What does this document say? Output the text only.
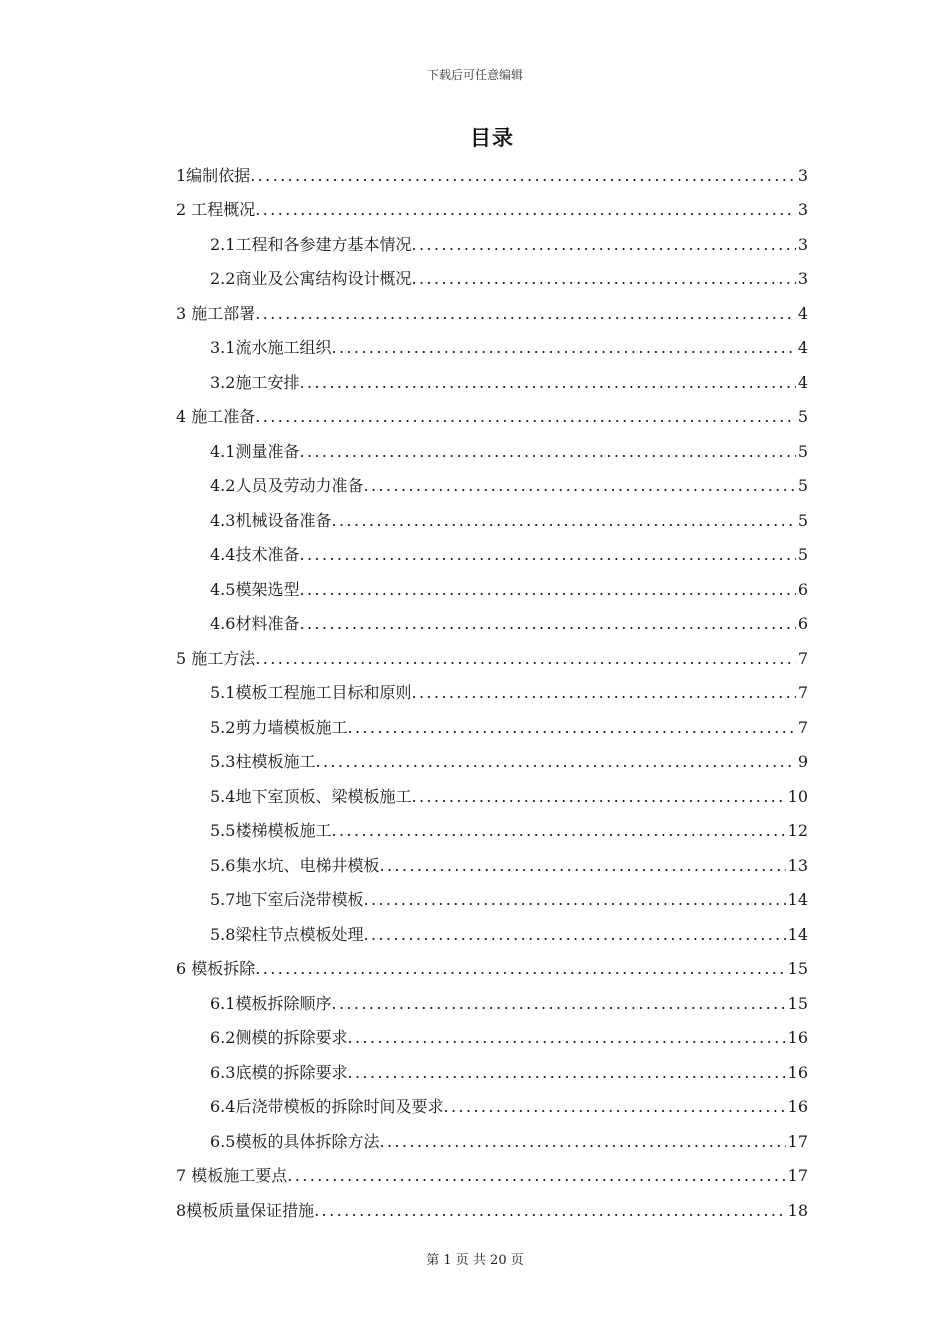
下载后可任意编辑
目录
1编制依据 .....	3
2 工程概况 .....	3
2.1工程和各参建方基本情况 .....	3
2.2商业及公寓结构设计概况 .....	3
3 施工部署 .....	4
3.1流水施工组织 .....	4
3.2施工安排 .....	4
4 施工准备 .....	5
4.1测量准备 .....	5
4.2人员及劳动力准备 .....	5
4.3机械设备准备 .....	5
4.4技术准备 .....	5
4.5模架选型 .....	6
4.6材料准备 .....	6
5 施工方法 .....	7
5.1模板工程施工目标和原则 .....	7
5.2剪力墙模板施工 .....	7
5.3柱模板施工 .....	9
5.4地下室顶板、梁模板施工 .....	10
5.5楼梯模板施工 .....	12
5.6集水坑、电梯井模板 .....	13
5.7地下室后浇带模板 .....	14
5.8梁柱节点模板处理 .....	14
6 模板拆除 .....	15
6.1模板拆除顺序 .....	15
6.2侧模的拆除要求 .....	16
6.3底模的拆除要求 .....	16
6.4后浇带模板的拆除时间及要求 .....	16
6.5模板的具体拆除方法 .....	17
7 模板施工要点 .....	17
8模板质量保证措施 .....	18
第 1 页 共 20 页
